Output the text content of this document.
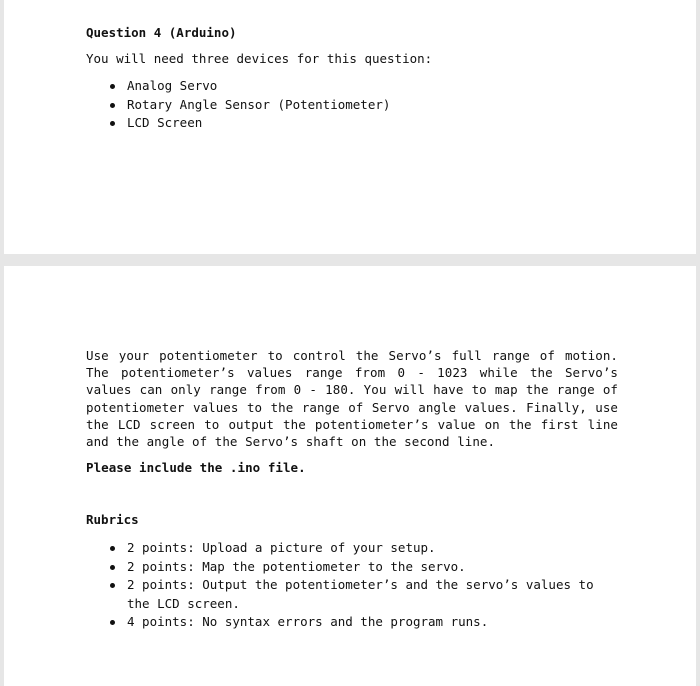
Question 4 (Arduino)
You will need three devices for this question:
Analog Servo
Rotary Angle Sensor (Potentiometer)
LCD Screen

Use your potentiometer to control the Servo’s full range of motion. The potentiometer’s values range from 0 - 1023 while the Servo’s values can only range from 0 - 180. You will have to map the range of potentiometer values to the range of Servo angle values. Finally, use the LCD screen to output the potentiometer’s value on the first line and the angle of the Servo’s shaft on the second line.

Please include the .ino file.

Rubrics
2 points: Upload a picture of your setup.
2 points: Map the potentiometer to the servo.
2 points: Output the potentiometer’s and the servo’s values to the LCD screen.
4 points: No syntax errors and the program runs.
